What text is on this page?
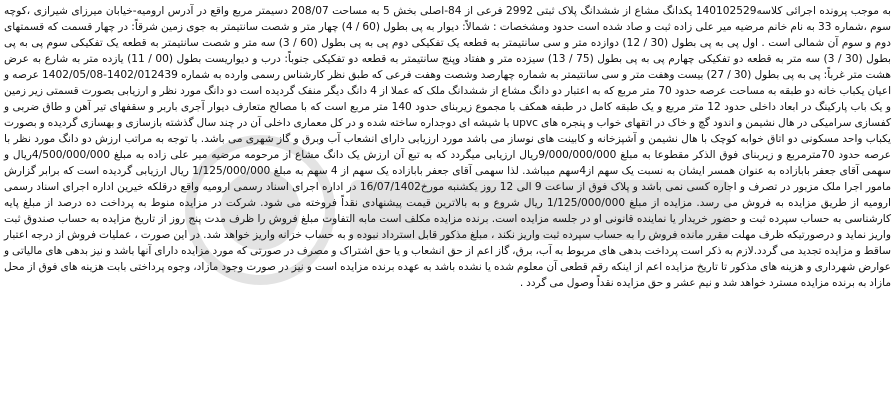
به موجب پرونده اجرائی کلاسه140102529 یکدانگ مشاع از ششدانگ پلاک ثبتی 2992 فرعی از 84-اصلی بخش 5 به مساحت 208/07 دسیمتر مربع واقع در آدرس ارومیه-خیابان میرزای شیرازی ،کوچه سوم ،شماره 33 به نام خانم مرضیه میر علی زاده ثبت و صاد شده است حدود ومشخصات : شمالاً: دیوار به پی بطول (60 / 4) چهار متر و شصت سانتیمتر به جوی زمین شرقاً: در چهار قسمت که قسمتهای دوم و سوم آن شمالی است . اول پی به پی بطول (30 / 12) دوازده متر و سی سانتیمتر به قطعه یک تفکیکی دوم پی به پی بطول (60 / 3) سه متر و شصت سانتیمتر به قطعه یک تفکیکی سوم پی به پی بطول (30 / 3) سه متر به قطعه دو تفکیکی چهارم پی به پی بطول (75 / 13) سیزده متر و هفتاد وپنج سانتیمتر به قطعه دو تفکیکی جنوباً: درب و دیواریست بطول (00 / 11) یازده متر به شارع به عرض هشت متر غرباً: پی به پی بطول (30 / 27) بیست وهفت متر و سی سانتیمتر به شماره چهارصد وشصت وهفت فرعی که طبق نظر کارشناس رسمی وارده به شماره 1402/012439-1402/05/08 عرصه و اعیان یکباب خانه دو طبقه به مساحت عرصه حدود 70 متر مربع که به اعتبار دو دانگ مشاع از ششدانگ ملک که عملا از 4 دانگ دیگر منفک گردیده است دو دانگ مورد نظر و ارزیابی بصورت قسمتی زیر زمین و یک باب پارکینگ در ابعاد داخلی حدود 12 متر مربع و یک طبقه کامل در طبقه همکف با مجموع زیربنای حدود 140 متر مربع است که با مصالح متعارف دیوار آجری باربر و سقفهای تیر آهن و طاق ضربی و کفسازی سرامیکی در هال نشیمن و اندود گچ و خاک در اتقهای خواب و پنجره های upvc با شیشه ای دوجداره ساخته شده و در کل معماری داخلی آن در چند سال گذشته بازسازی و بهسازی گردیده و بصورت یکباب واحد مسکونی دو اتاق خوابه کوچک با هال نشیمن و آشپزخانه و کابینت های نوساز می باشد مورد ارزیابی دارای انشعاب آب وبرق و گاز شهری می باشد. با توجه به مراتب ارزش دو دانگ مورد نظر با عرصه حدود 70مترمربع و زیربنای فوق الذکر مقطوعا به مبلغ 9/000/000/000ریال ارزیابی میگردد که به تبع آن ارزش یک دانگ مشاع از مرحومه مرضیه میر علی زاده به مبلغ 4/500/000/000ریال و سهمی آقای جعفر بابازاده به عنوان همسر ایشان به نسبت یک سهم از4سهم میباشد. لذا سهمی آقای جعفر بابازاده یک سهم از 4 سهم به مبلغ 1/125/000/000 ریال ارزیابی گردیده است که برابر گزارش مامور اجرا ملک مزبور در تصرف و اجاره کسی نمی باشد و پلاک فوق از ساعت 9 الی 12 روز یکشنبه مورخ16/07/1402 در اداره اجرای اسناد رسمی ارومیه واقع درقلکه خیرین اداره اجرای اسناد رسمی ارومیه از طریق مزایده به فروش می رسد. مزایده از مبلغ 1/125/000/000 ریال شروع و به بالاترین قیمت پیشنهادی نقداً فروخته می شود. شرکت در مزایده منوط به پرداخت ده درصد از مبلغ پایه کارشناسی به حساب سپرده ثبت و حضور خریدار یا نماینده قانونی او در جلسه مزایده است. برنده مزایده مکلف است مابه التفاوت مبلغ فروش را ظرف مدت پنج روز از تاریخ مزایده به حساب صندوق ثبت واریز نماید و درصورتیکه ظرف مهلت مقرر مانده فروش را به حساب سپرده ثبت واریز نکند ، مبلغ مذکور قابل استرداد نبوده و به حساب خزانه واریز خواهد شد. در این صورت ، عملیات فروش از درجه اعتبار ساقط و مزایده تجدید می گردد.لازم به ذکر است پرداخت بدهی های مربوط به آب، برق، گاز اعم از حق انشعاب و یا حق اشتراک و مصرف در صورتی که مورد مزایده دارای آنها باشد و نیز بدهی های مالیاتی و عوارض شهرداری و هزینه های مذکور تا تاریخ مزایده اعم از اینکه رقم قطعی آن معلوم شده یا نشده باشد به عهده برنده مزایده است و نیز در صورت وجود مازاد، وجوه پرداختی بابت هزینه های فوق از محل مازاد به برنده مزایده مسترد خواهد شد و نیم عشر و حق مزایده نقداً وصول می گردد .
